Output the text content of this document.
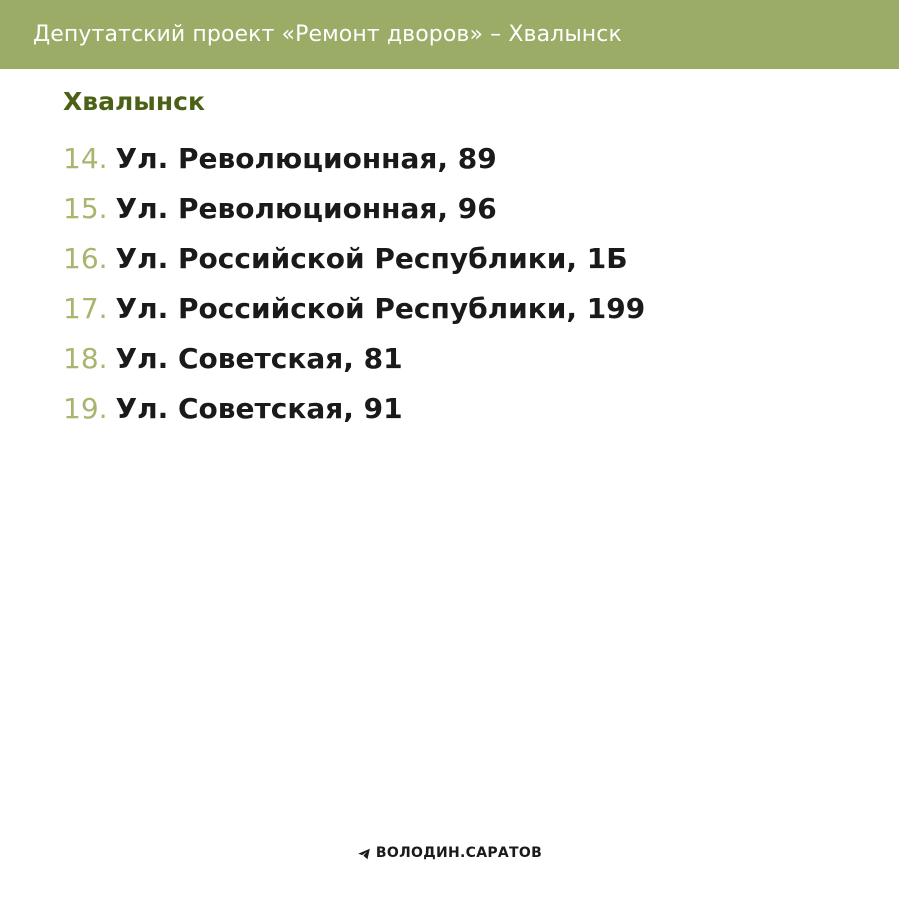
Депутатский проект «Ремонт дворов» – Хвалынск
Хвалынск
14. Ул. Революционная, 89
15. Ул. Революционная, 96
16. Ул. Российской Республики, 1Б
17. Ул. Российской Республики, 199
18. Ул. Советская, 81
19. Ул. Советская, 91
ВОЛОДИН.САРАТОВ
